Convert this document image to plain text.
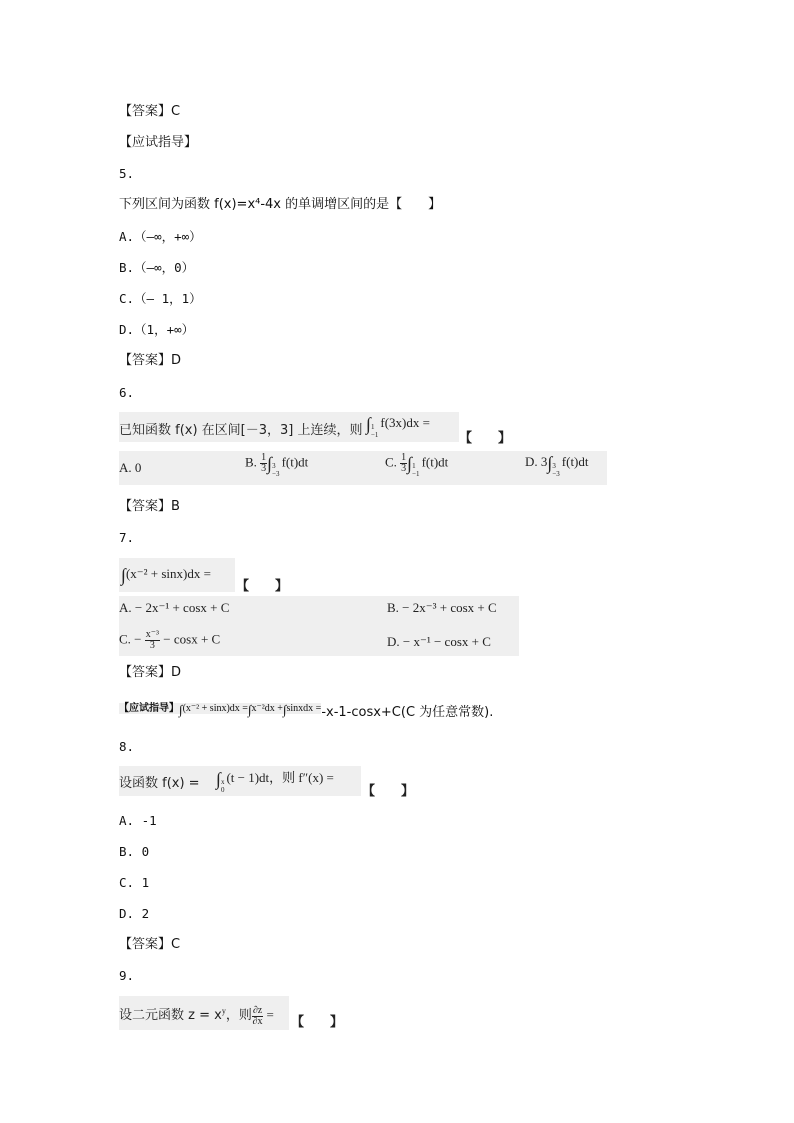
【答案】C
【应试指导】
5.
下列区间为函数 f(x)=x⁴-4x 的单调增区间的是【　　】
A.（—∞，+∞）
B.（—∞，0）
C.（— 1，1）
D.（1，+∞）
【答案】D
6.
已知函数 f(x) 在区间[－3，3] 上连续，则 ∫ 1
−1
f(3x)dx =
【　　】
A. 0	B. $\frac{1}{3}$ ∫ 3
−3
f(t)dt	C. $\frac{1}{3}$ ∫ 1
−1
f(t)dt	D. 3∫ 3
−3
f(t)dt
【答案】B
7.
∫(x⁻² + sinx)dx =
【　　】
A. − 2x⁻¹ + cosx + C	B. − 2x⁻³ + cosx + C
C. − $\frac{\text{x⁻³}}{3} - \cos x + C$	D. − x⁻¹ − cosx + C
【答案】D
【应试指导】∫(x⁻² + sinx)dx =∫x⁻²dx +∫sinxdx =-x-1-cosx+C(C 为任意常数).
8.
设函数 f(x) = ∫ x
0
(t − 1)dt，则 f″(x) =
【　　】
A. -1
B. 0
C. 1
D. 2
【答案】C
9.
设二元函数 $z = x^y$，则 $\frac{\partial z}{\partial x}$ =
【　　】
